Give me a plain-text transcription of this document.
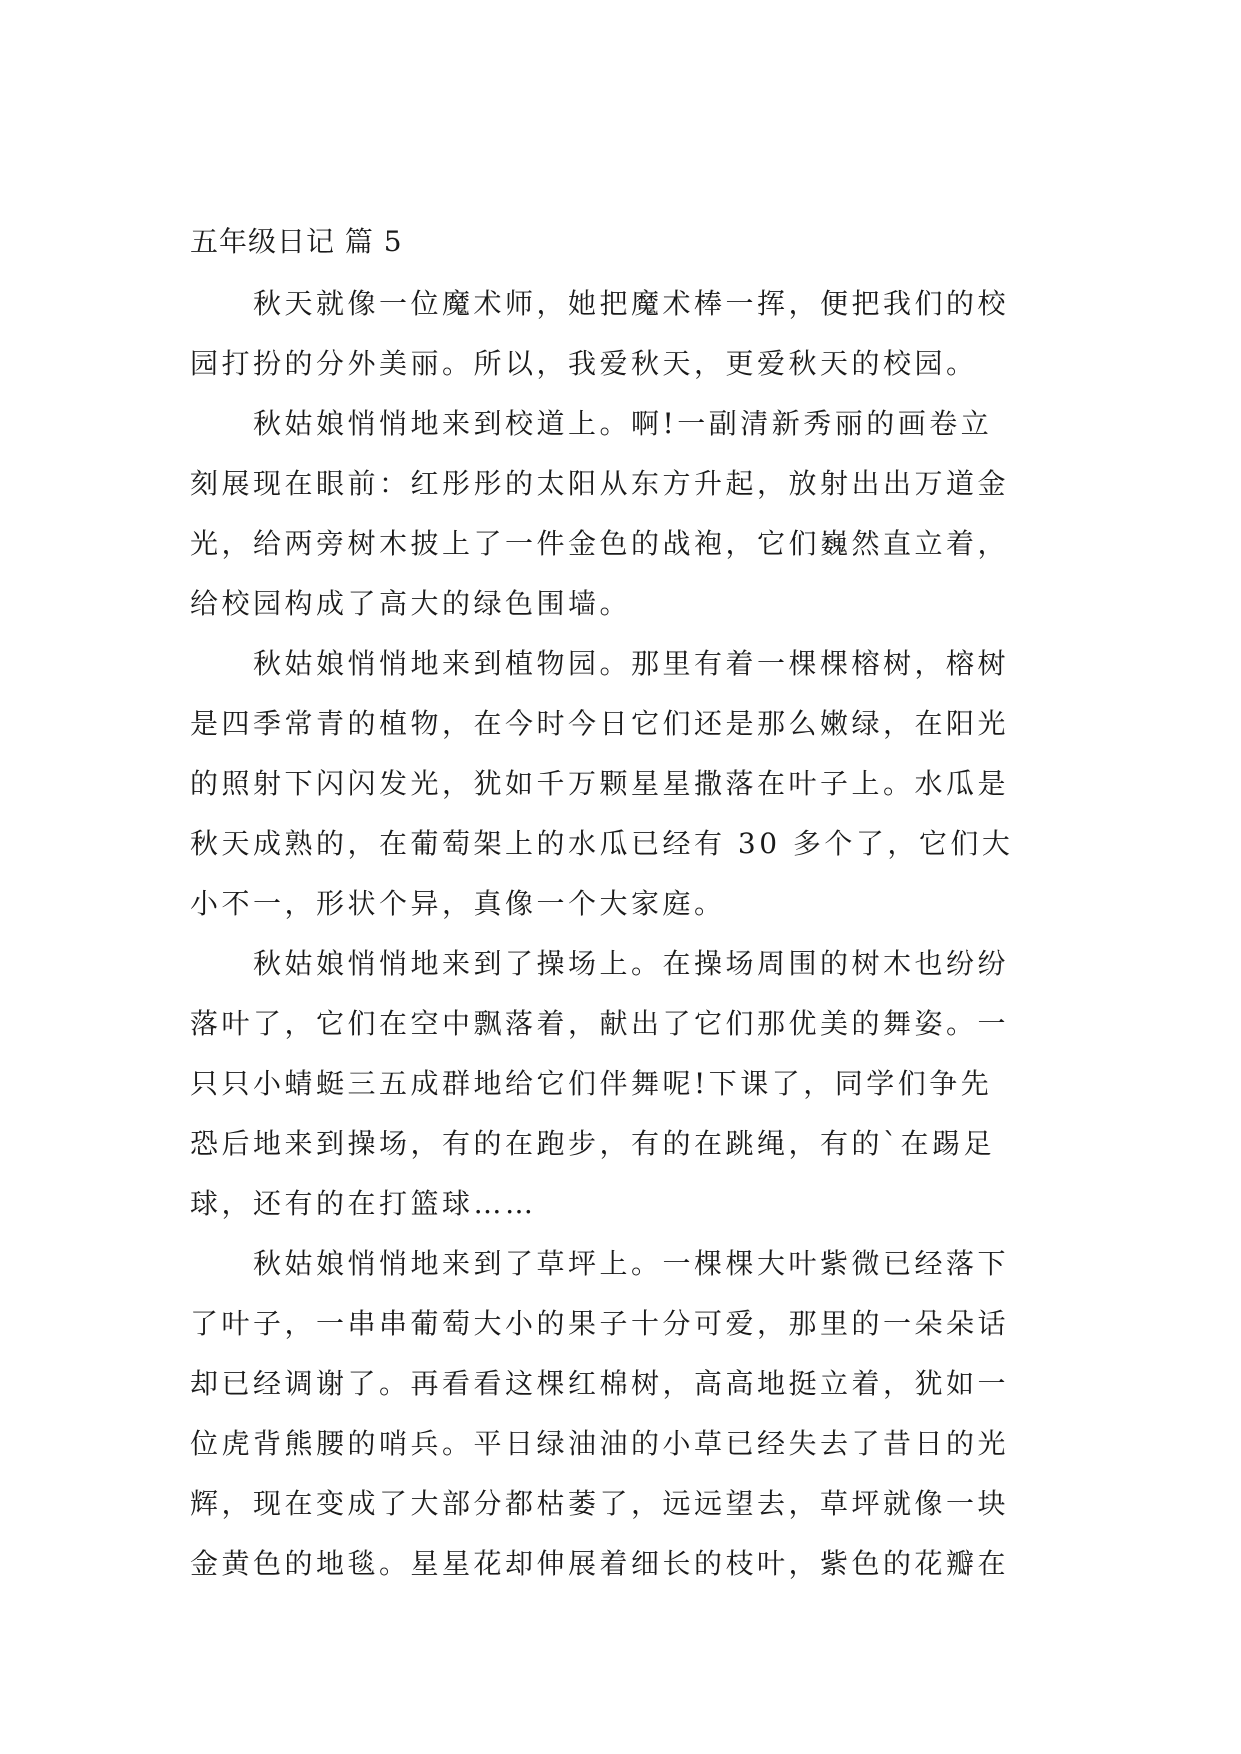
五年级日记 篇 5
秋天就像一位魔术师，她把魔术棒一挥，便把我们的校
园打扮的分外美丽。所以，我爱秋天，更爱秋天的校园。
秋姑娘悄悄地来到校道上。啊!一副清新秀丽的画卷立
刻展现在眼前：红彤彤的太阳从东方升起，放射出出万道金
光，给两旁树木披上了一件金色的战袍，它们巍然直立着，
给校园构成了高大的绿色围墙。
秋姑娘悄悄地来到植物园。那里有着一棵棵榕树，榕树
是四季常青的植物，在今时今日它们还是那么嫩绿，在阳光
的照射下闪闪发光，犹如千万颗星星撒落在叶子上。水瓜是
秋天成熟的，在葡萄架上的水瓜已经有 30 多个了，它们大
小不一，形状个异，真像一个大家庭。
秋姑娘悄悄地来到了操场上。在操场周围的树木也纷纷
落叶了，它们在空中飘落着，献出了它们那优美的舞姿。一
只只小蜻蜓三五成群地给它们伴舞呢!下课了，同学们争先
恐后地来到操场，有的在跑步，有的在跳绳，有的`在踢足
球，还有的在打篮球……
秋姑娘悄悄地来到了草坪上。一棵棵大叶紫微已经落下
了叶子，一串串葡萄大小的果子十分可爱，那里的一朵朵话
却已经调谢了。再看看这棵红棉树，高高地挺立着，犹如一
位虎背熊腰的哨兵。平日绿油油的小草已经失去了昔日的光
辉，现在变成了大部分都枯萎了，远远望去，草坪就像一块
金黄色的地毯。星星花却伸展着细长的枝叶，紫色的花瓣在
